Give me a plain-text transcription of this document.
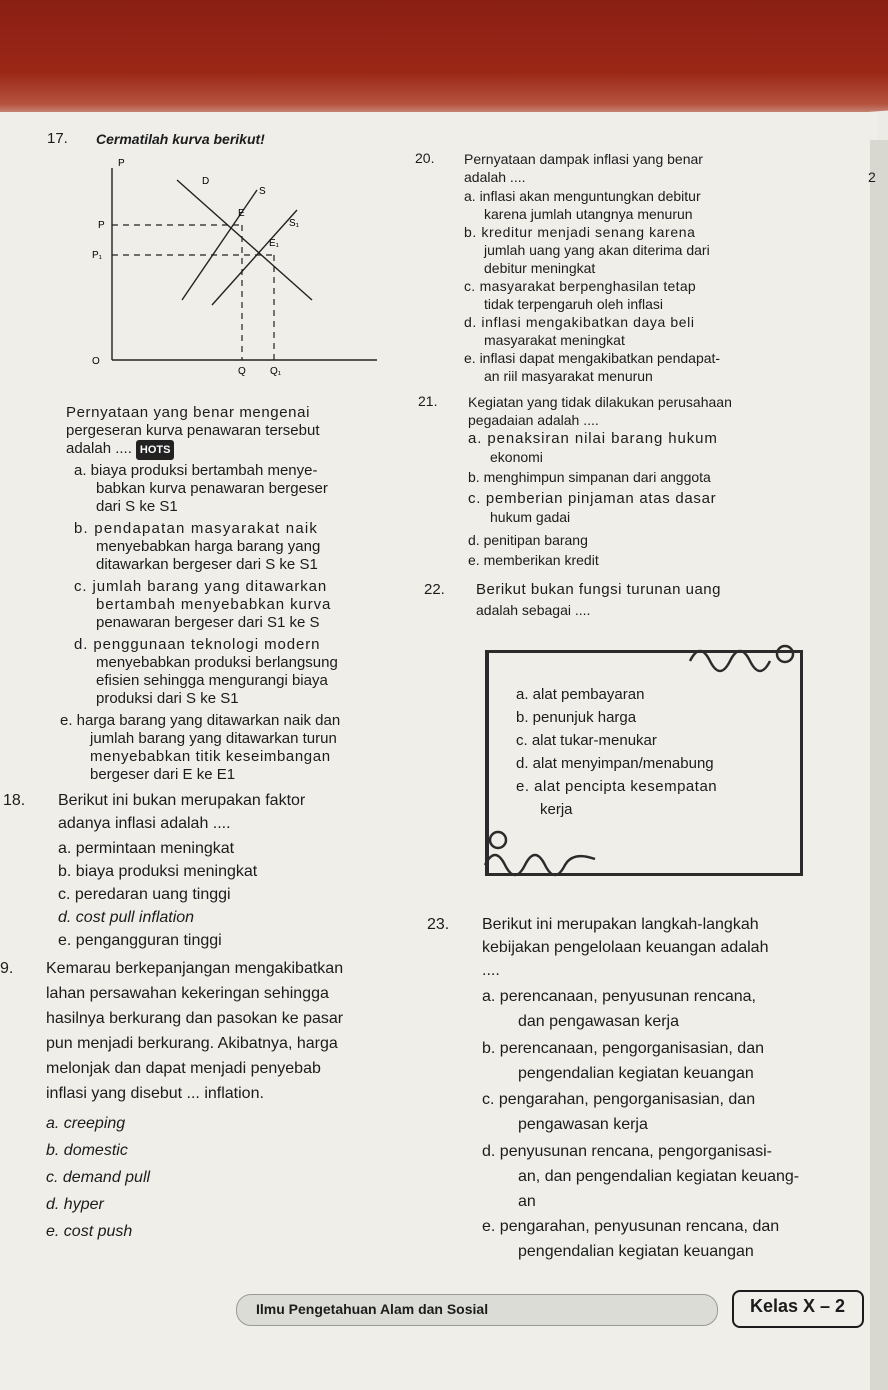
2
17. Cermatilah kurva berikut!
P
D
S
E
S₁
E₁
P
P₁
O
Q Q₁
Pernyataan yang benar mengenai
pergeseran kurva penawaran tersebut
adalah .... HOTS
a. biaya produksi bertambah menye-
babkan kurva penawaran bergeser
dari S ke S1
b. pendapatan masyarakat naik
menyebabkan harga barang yang
ditawarkan bergeser dari S ke S1
c. jumlah barang yang ditawarkan
bertambah menyebabkan kurva
penawaran bergeser dari S1 ke S
d. penggunaan teknologi modern
menyebabkan produksi berlangsung
efisien sehingga mengurangi biaya
produksi dari S ke S1
e. harga barang yang ditawarkan naik dan
jumlah barang yang ditawarkan turun
menyebabkan titik keseimbangan
bergeser dari E ke E1
18. Berikut ini bukan merupakan faktor
adanya inflasi adalah ....
a. permintaan meningkat
b. biaya produksi meningkat
c. peredaran uang tinggi
d. cost pull inflation
e. pengangguran tinggi
9. Kemarau berkepanjangan mengakibatkan
lahan persawahan kekeringan sehingga
hasilnya berkurang dan pasokan ke pasar
pun menjadi berkurang. Akibatnya, harga
melonjak dan dapat menjadi penyebab
inflasi yang disebut ... inflation.
a. creeping
b. domestic
c. demand pull
d. hyper
e. cost push
20. Pernyataan dampak inflasi yang benar
adalah ....
a. inflasi akan menguntungkan debitur
karena jumlah utangnya menurun
b. kreditur menjadi senang karena
jumlah uang yang akan diterima dari
debitur meningkat
c. masyarakat berpenghasilan tetap
tidak terpengaruh oleh inflasi
d. inflasi mengakibatkan daya beli
masyarakat meningkat
e. inflasi dapat mengakibatkan pendapat-
an riil masyarakat menurun
21. Kegiatan yang tidak dilakukan perusahaan
pegadaian adalah ....
a. penaksiran nilai barang hukum
ekonomi
b. menghimpun simpanan dari anggota
c. pemberian pinjaman atas dasar
hukum gadai
d. penitipan barang
e. memberikan kredit
22. Berikut bukan fungsi turunan uang
adalah sebagai ....
a. alat pembayaran
b. penunjuk harga
c. alat tukar-menukar
d. alat menyimpan/menabung
e. alat pencipta kesempatan
kerja
23. Berikut ini merupakan langkah-langkah
kebijakan pengelolaan keuangan adalah
....
a. perencanaan, penyusunan rencana,
dan pengawasan kerja
b. perencanaan, pengorganisasian, dan
pengendalian kegiatan keuangan
c. pengarahan, pengorganisasian, dan
pengawasan kerja
d. penyusunan rencana, pengorganisasi-
an, dan pengendalian kegiatan keuang-
an
e. pengarahan, penyusunan rencana, dan
pengendalian kegiatan keuangan
Ilmu Pengetahuan Alam dan Sosial	Kelas X – 2
